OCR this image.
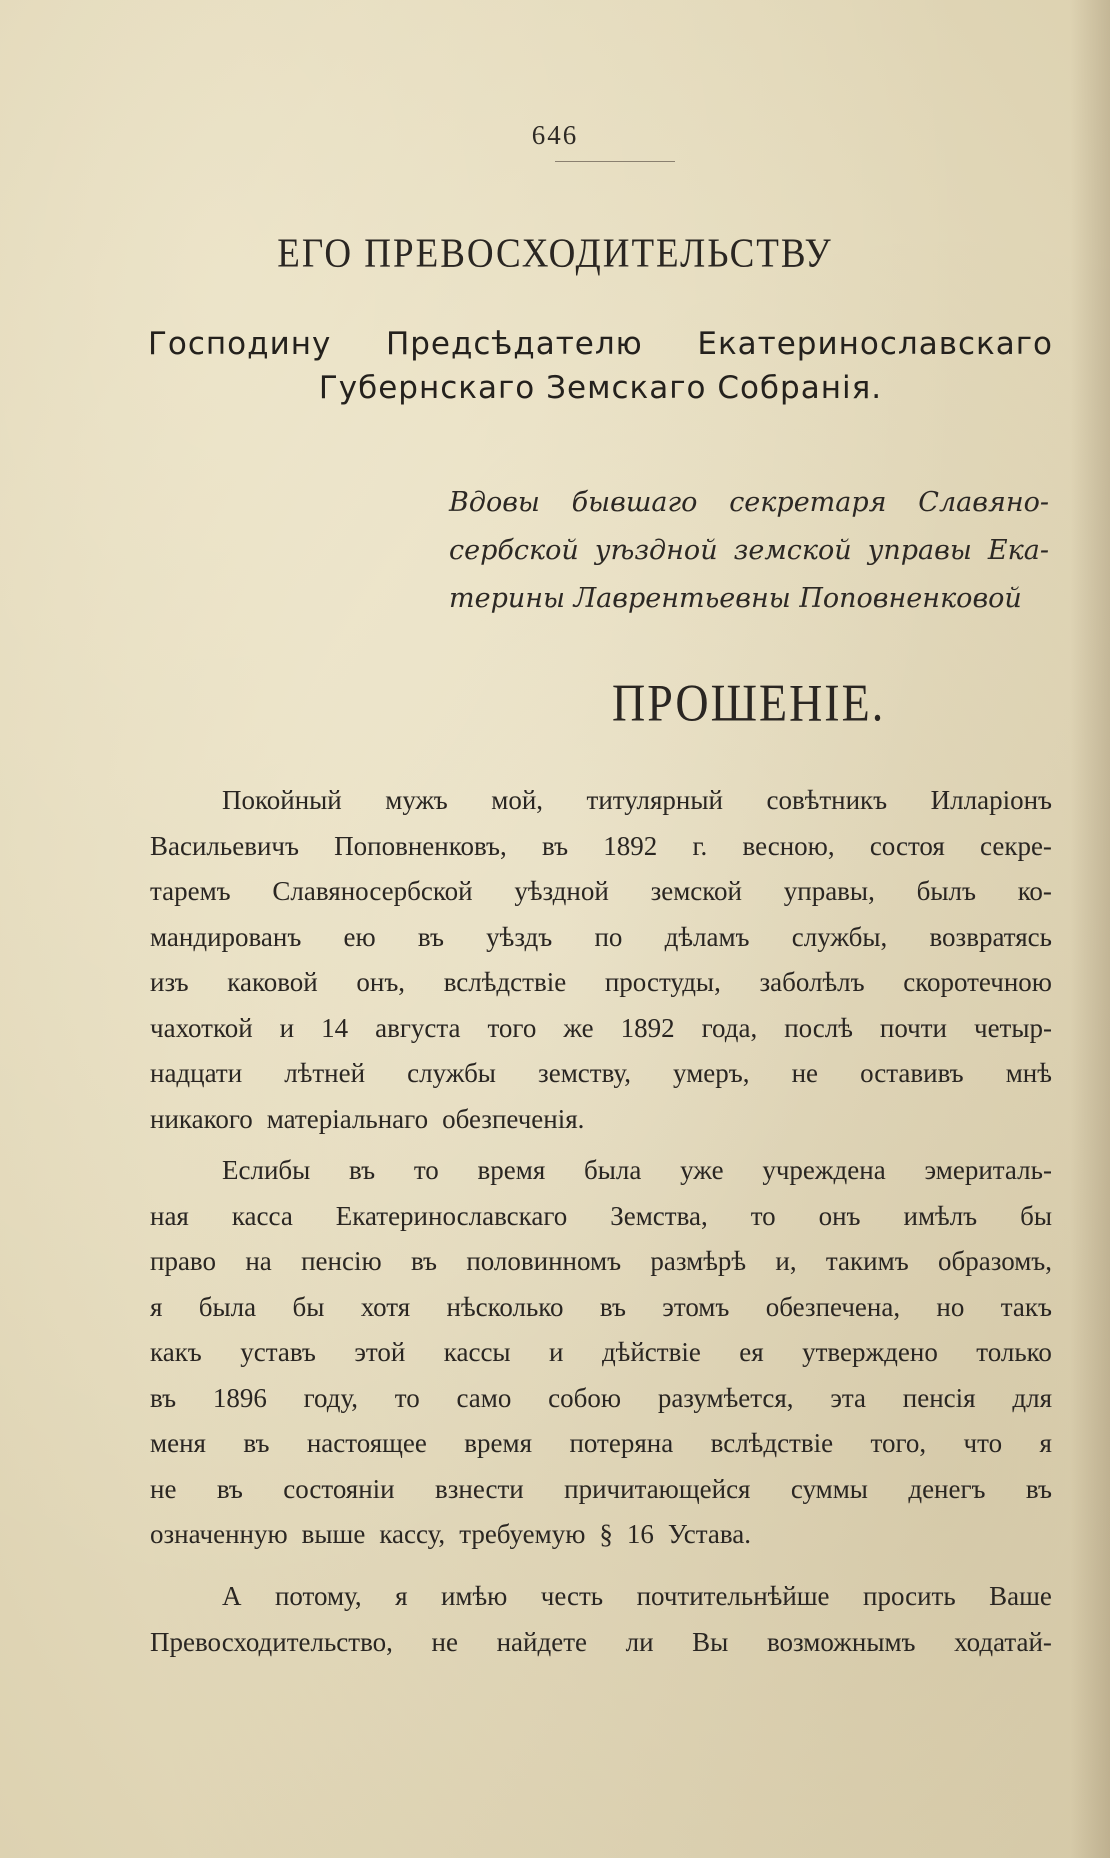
646
ЕГО ПРЕВОСХОДИТЕЛЬСТВУ
Господину Предсѣдателю Екатеринославскаго
Губернскаго Земскаго Собранія.
Вдовы бывшаго секретаря Славяно-
сербской уѣздной земской управы Ека-
терины Лаврентьевны Поповненковой
ПРОШЕНІЕ.
Покойный мужъ мой, титулярный совѣтникъ Илларіонъ
Васильевичъ Поповненковъ, въ 1892 г. весною, состоя секре-
таремъ Славяносербской уѣздной земской управы, былъ ко-
мандированъ ею въ уѣздъ по дѣламъ службы, возвратясь
изъ каковой онъ, вслѣдствіе простуды, заболѣлъ скоротечною
чахоткой и 14 августа того же 1892 года, послѣ почти четыр-
надцати лѣтней службы земству, умеръ, не оставивъ мнѣ
никакого матеріальнаго обезпеченія.
Еслибы въ то время была уже учреждена эмериталь-
ная касса Екатеринославскаго Земства, то онъ имѣлъ бы
право на пенсію въ половинномъ размѣрѣ и, такимъ образомъ,
я была бы хотя нѣсколько въ этомъ обезпечена, но такъ
какъ уставъ этой кассы и дѣйствіе ея утверждено только
въ 1896 году, то само собою разумѣется, эта пенсія для
меня въ настоящее время потеряна вслѣдствіе того, что я
не въ состояніи взнести причитающейся суммы денегъ въ
означенную выше кассу, требуемую § 16 Устава.
А потому, я имѣю честь почтительнѣйше просить Ваше
Превосходительство, не найдете ли Вы возможнымъ ходатай-
